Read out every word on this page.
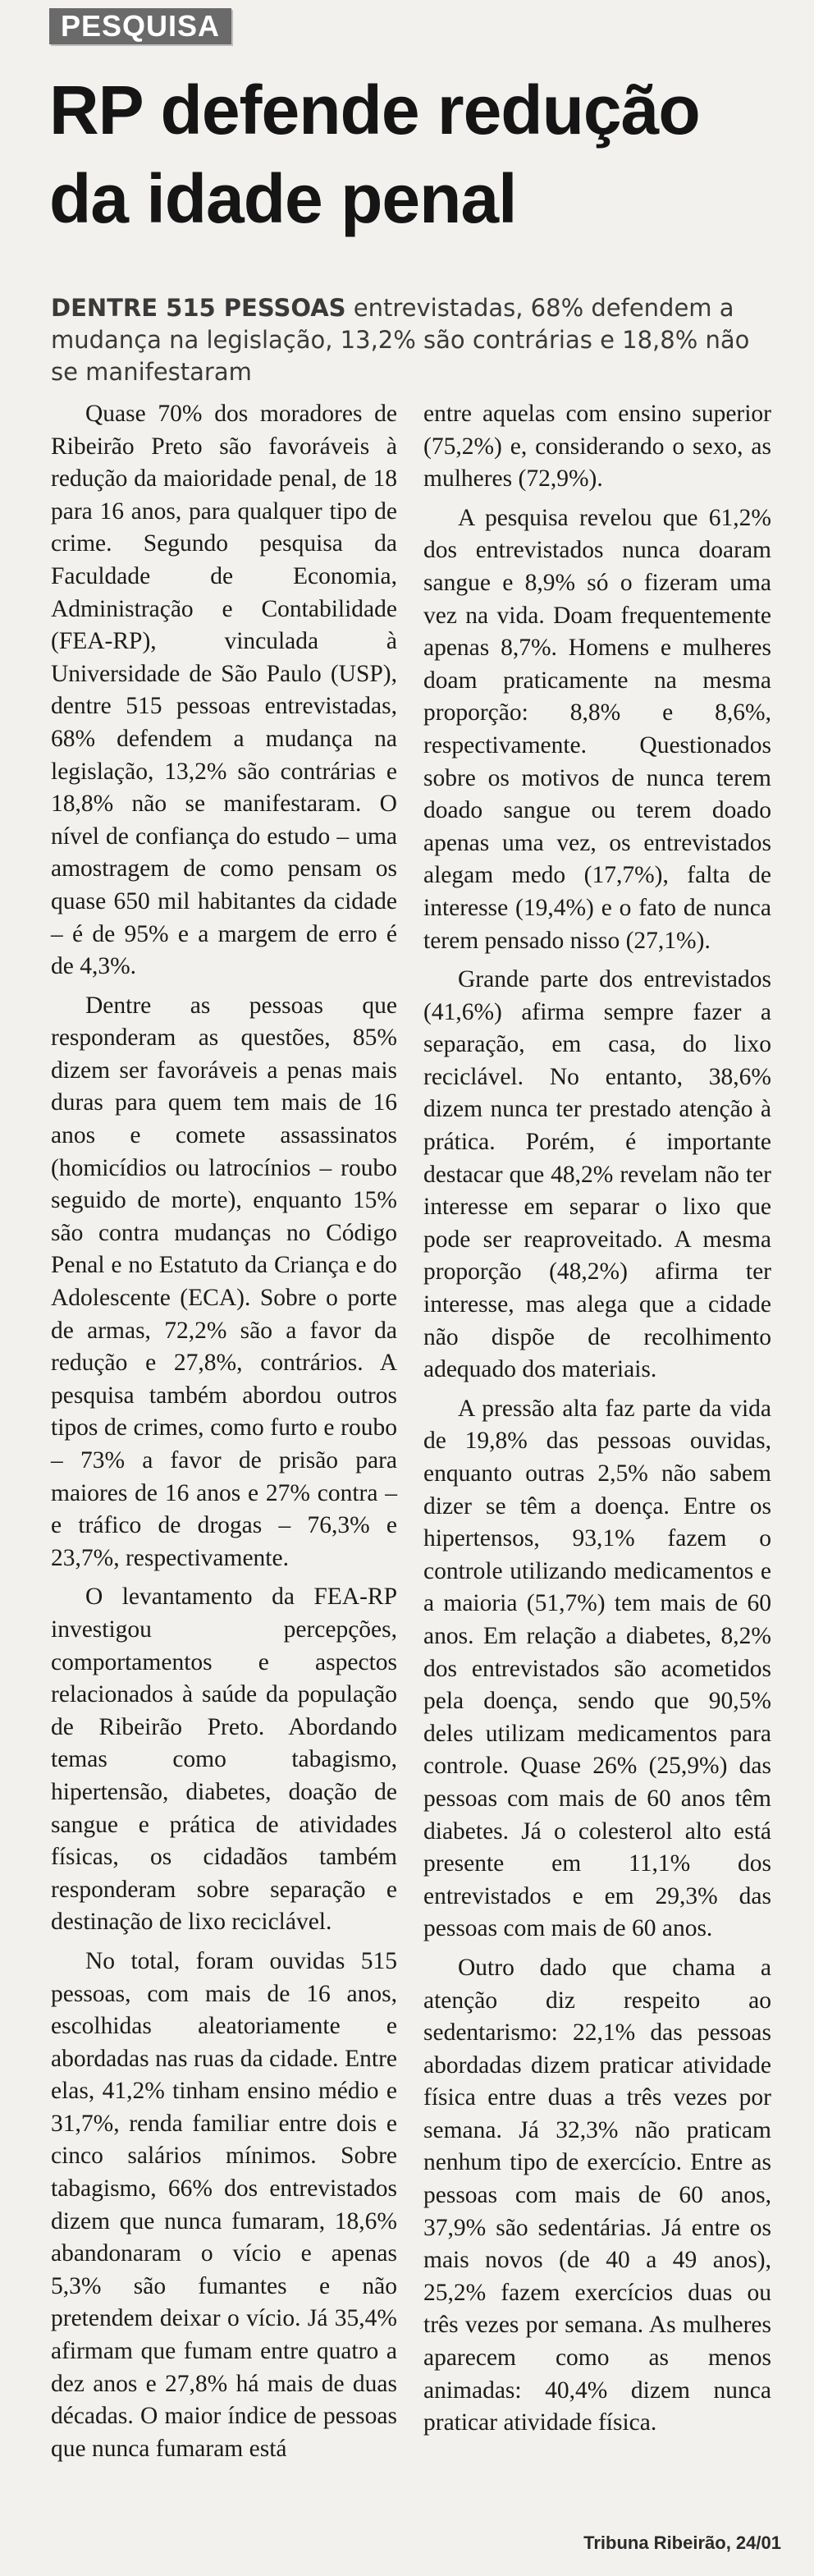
PESQUISA
RP defende redução da idade penal
DENTRE 515 PESSOAS entrevistadas, 68% defendem a mudança na legislação, 13,2% são contrárias e 18,8% não se manifestaram

Quase 70% dos moradores de Ribeirão Preto são favoráveis à redução da maioridade penal, de 18 para 16 anos, para qualquer tipo de crime. Segundo pesquisa da Faculdade de Economia, Administração e Contabilidade (FEA-RP), vinculada à Universidade de São Paulo (USP), dentre 515 pessoas entrevistadas, 68% defendem a mudança na legislação, 13,2% são contrárias e 18,8% não se manifestaram. O nível de confiança do estudo – uma amostragem de como pensam os quase 650 mil habitantes da cidade – é de 95% e a margem de erro é de 4,3%.

Dentre as pessoas que responderam as questões, 85% dizem ser favoráveis a penas mais duras para quem tem mais de 16 anos e comete assassinatos (homicídios ou latrocínios – roubo seguido de morte), enquanto 15% são contra mudanças no Código Penal e no Estatuto da Criança e do Adolescente (ECA). Sobre o porte de armas, 72,2% são a favor da redução e 27,8%, contrários. A pesquisa também abordou outros tipos de crimes, como furto e roubo – 73% a favor de prisão para maiores de 16 anos e 27% contra – e tráfico de drogas – 76,3% e 23,7%, respectivamente.

O levantamento da FEA-RP investigou percepções, comportamentos e aspectos relacionados à saúde da população de Ribeirão Preto. Abordando temas como tabagismo, hipertensão, diabetes, doação de sangue e prática de atividades físicas, os cidadãos também responderam sobre separação e destinação de lixo reciclável.

No total, foram ouvidas 515 pessoas, com mais de 16 anos, escolhidas aleatoriamente e abordadas nas ruas da cidade. Entre elas, 41,2% tinham ensino médio e 31,7%, renda familiar entre dois e cinco salários mínimos. Sobre tabagismo, 66% dos entrevistados dizem que nunca fumaram, 18,6% abandonaram o vício e apenas 5,3% são fumantes e não pretendem deixar o vício. Já 35,4% afirmam que fumam entre quatro a dez anos e 27,8% há mais de duas décadas. O maior índice de pessoas que nunca fumaram está

entre aquelas com ensino superior (75,2%) e, considerando o sexo, as mulheres (72,9%).

A pesquisa revelou que 61,2% dos entrevistados nunca doaram sangue e 8,9% só o fizeram uma vez na vida. Doam frequentemente apenas 8,7%. Homens e mulheres doam praticamente na mesma proporção: 8,8% e 8,6%, respectivamente. Questionados sobre os motivos de nunca terem doado sangue ou terem doado apenas uma vez, os entrevistados alegam medo (17,7%), falta de interesse (19,4%) e o fato de nunca terem pensado nisso (27,1%).

Grande parte dos entrevistados (41,6%) afirma sempre fazer a separação, em casa, do lixo reciclável. No entanto, 38,6% dizem nunca ter prestado atenção à prática. Porém, é importante destacar que 48,2% revelam não ter interesse em separar o lixo que pode ser reaproveitado. A mesma proporção (48,2%) afirma ter interesse, mas alega que a cidade não dispõe de recolhimento adequado dos materiais.

A pressão alta faz parte da vida de 19,8% das pessoas ouvidas, enquanto outras 2,5% não sabem dizer se têm a doença. Entre os hipertensos, 93,1% fazem o controle utilizando medicamentos e a maioria (51,7%) tem mais de 60 anos. Em relação a diabetes, 8,2% dos entrevistados são acometidos pela doença, sendo que 90,5% deles utilizam medicamentos para controle. Quase 26% (25,9%) das pessoas com mais de 60 anos têm diabetes. Já o colesterol alto está presente em 11,1% dos entrevistados e em 29,3% das pessoas com mais de 60 anos.

Outro dado que chama a atenção diz respeito ao sedentarismo: 22,1% das pessoas abordadas dizem praticar atividade física entre duas a três vezes por semana. Já 32,3% não praticam nenhum tipo de exercício. Entre as pessoas com mais de 60 anos, 37,9% são sedentárias. Já entre os mais novos (de 40 a 49 anos), 25,2% fazem exercícios duas ou três vezes por semana. As mulheres aparecem como as menos animadas: 40,4% dizem nunca praticar atividade física.

Tribuna Ribeirão, 24/01
